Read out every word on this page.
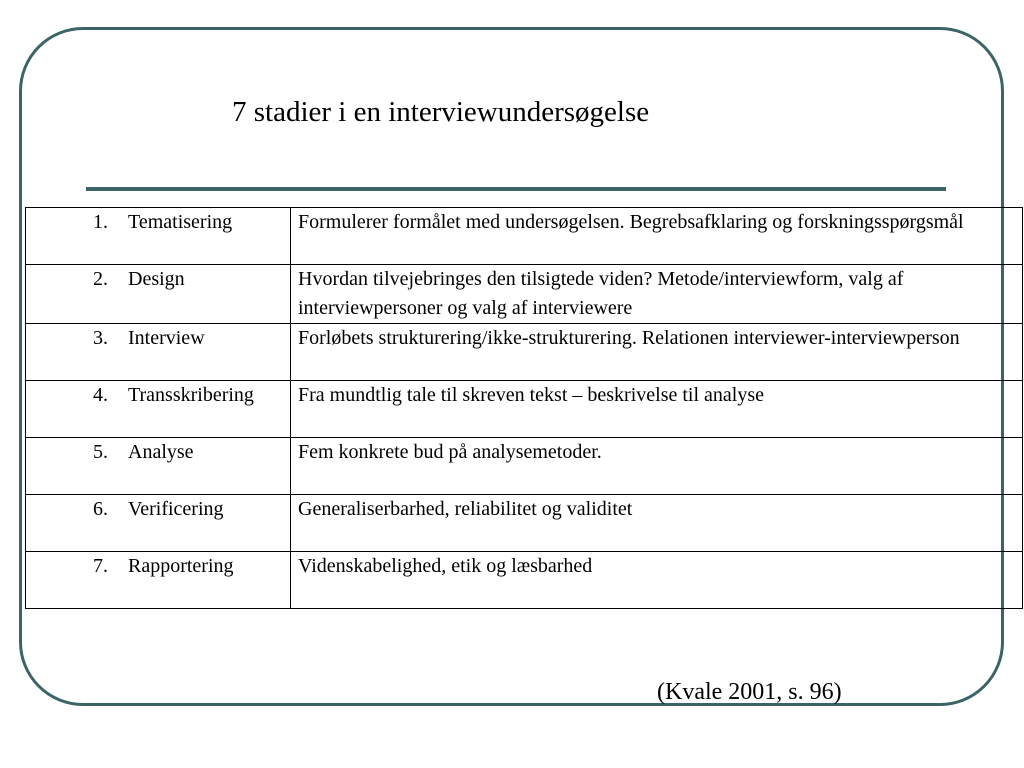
7 stadier i en interviewundersøgelse
1. Tematisering	Formulerer formålet med undersøgelsen. Begrebsafklaring og forskningsspørgsmål
2. Design	Hvordan tilvejebringes den tilsigtede viden? Metode/interviewform, valg af interviewpersoner og valg af interviewere
3. Interview	Forløbets strukturering/ikke-strukturering. Relationen interviewer-interviewperson
4. Transskribering	Fra mundtlig tale til skreven tekst – beskrivelse til analyse
5. Analyse	Fem konkrete bud på analysemetoder.
6. Verificering	Generaliserbarhed, reliabilitet og validitet
7. Rapportering	Videnskabelighed, etik og læsbarhed
(Kvale 2001, s. 96)
